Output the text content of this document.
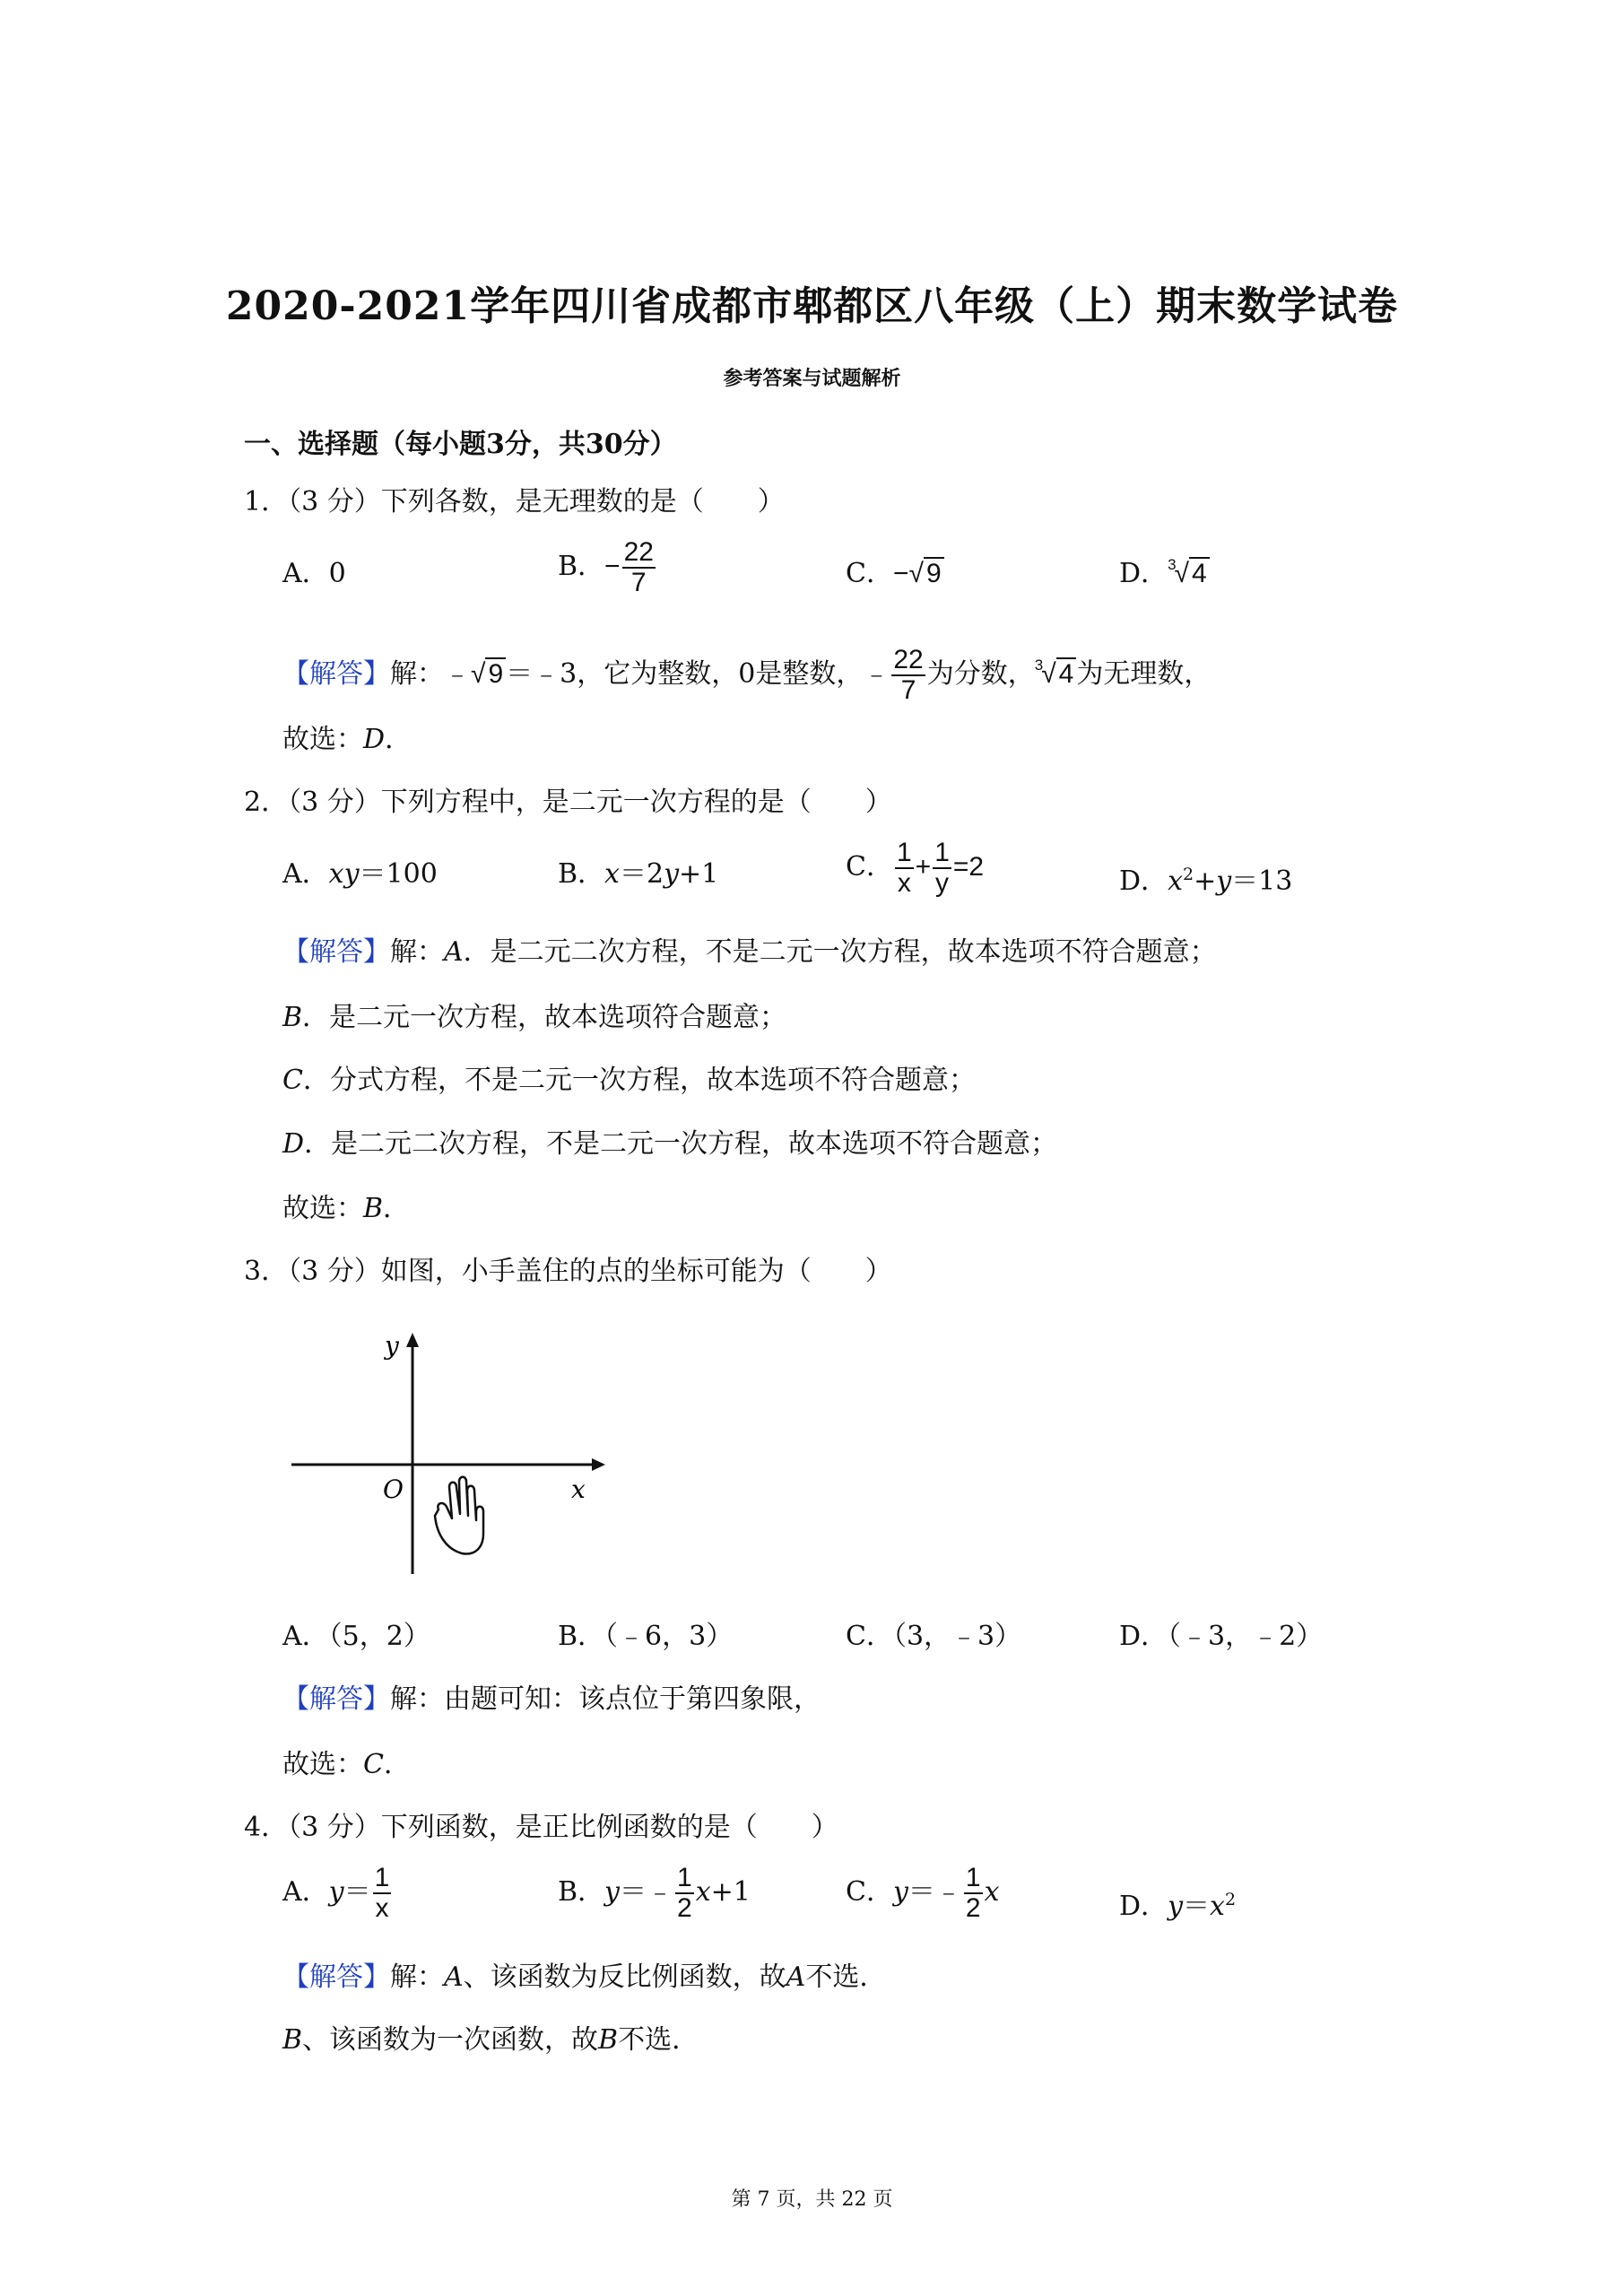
2020-2021学年四川省成都市郫都区八年级（上）期末数学试卷
参考答案与试题解析
一、选择题（每小题3分，共30分）
1．（3 分）下列各数，是无理数的是（　　）
A．0	B．− $\frac{22}{7}$	C．−√ 9	D．$^3$√ 4
【解答】解：﹣√ 9 ＝﹣3，它为整数，0是整数，﹣ $\frac{22}{7}$ 为分数，$^3$√ 4 为无理数，
故选：D．
2．（3 分）下列方程中，是二元一次方程的是（　　）
A．xy＝100	B．x＝2y+1	C． $\frac{1}{x} + \frac{1}{y} =2$	D．$x^2+y=13$
【解答】解：A．是二元二次方程，不是二元一次方程，故本选项不符合题意；
B．是二元一次方程，故本选项符合题意；
C．分式方程，不是二元一次方程，故本选项不符合题意；
D．是二元二次方程，不是二元一次方程，故本选项不符合题意；
故选：B．
3．（3 分）如图，小手盖住的点的坐标可能为（　　）
y
x
O
A．（5，2）	B．（﹣6，3）	C．（3，﹣3）	D．（﹣3，﹣2）
【解答】解：由题可知：该点位于第四象限，
故选：C．
4．（3 分）下列函数，是正比例函数的是（　　）
A．$y= \frac{1}{x}$	B．y＝﹣ $\frac{1}{2} x+1$	C．y＝﹣ $\frac{1}{2}$ x	D．$y=x^2$
【解答】解：A、该函数为反比例函数，故A不选．
B、该函数为一次函数，故B不选．
第 7 页，共 22 页
